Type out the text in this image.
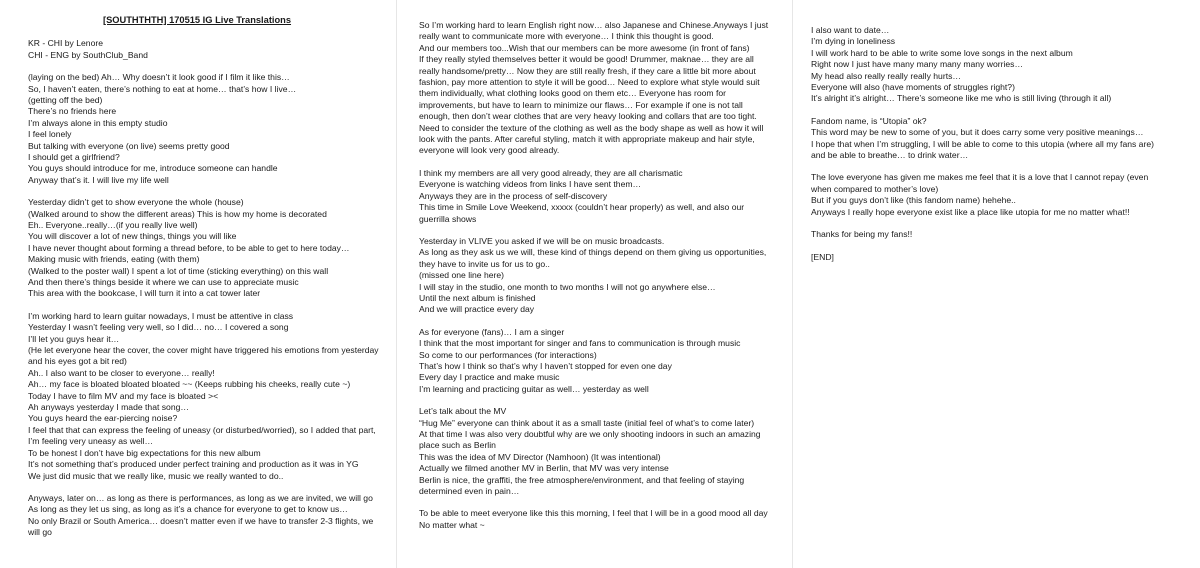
[SOUTHTHTH] 170515 IG Live Translations
KR - CHI by Lenore
CHI - ENG by SouthClub_Band
(laying on the bed) Ah… Why doesn’t it look good if I film it like this…
So, I haven’t eaten, there’s nothing to eat at home… that’s how I live…
(getting off the bed)
There’s no friends here
I’m always alone in this empty studio
I feel lonely
But talking with everyone (on live) seems pretty good
I should get a girlfriend?
You guys should introduce for me, introduce someone can handle
Anyway that’s it. I will live my life well
Yesterday didn’t get to show everyone the whole (house)
(Walked around to show the different areas) This is how my home is decorated
Eh.. Everyone..really…(if you really live well)
You will discover a lot of new things, things you will like
I have never thought about forming a thread before, to be able to get to here today…
Making music with friends, eating (with them)
(Walked to the poster wall) I spent a lot of time (sticking everything) on this wall
And then there’s things beside it where we can use to appreciate music
This area with the bookcase, I will turn it into a cat tower later
I’m working hard to learn guitar nowadays, I must be attentive in class
Yesterday I wasn’t feeling very well, so I did… no… I covered a song
I’ll let you guys hear it…
(He let everyone hear the cover, the cover might have triggered his emotions from yesterday
and his eyes got a bit red)
Ah.. I also want to be closer to everyone… really!
Ah… my face is bloated bloated bloated ~~ (Keeps rubbing his cheeks, really cute ~)
Today I have to film MV and my face is bloated ><
Ah anyways yesterday I made that song…
You guys heard the ear-piercing noise?
I feel that that can express the feeling of uneasy (or disturbed/worried), so I added that part,
I’m feeling very uneasy as well…
To be honest I don’t have big expectations for this new album
It’s not something that’s produced under perfect training and production as it was in YG
We just did music that we really like, music we really wanted to do..
Anyways, later on… as long as there is performances, as long as we are invited, we will go
As long as they let us sing, as long as it’s a chance for everyone to get to know us…
No only Brazil or South America… doesn’t matter even if we have to transfer 2-3 flights, we
will go
So I’m working hard to learn English right now… also Japanese and Chinese.Anyways I just
really want to communicate more with everyone… I think this thought is good.
And our members too...Wish that our members can be more awesome (in front of fans)
If they really styled themselves better it would be good! Drummer, maknae… they are all
really handsome/pretty… Now they are still really fresh, if they care a little bit more about
fashion, pay more attention to style it will be good… Need to explore what style would suit
them individually, what clothing looks good on them etc… Everyone has room for
improvements, but have to learn to minimize our flaws… For example if one is not tall
enough, then don’t wear clothes that are very heavy looking and collars that are too tight.
Need to consider the texture of the clothing as well as the body shape as well as how it will
look with the pants. After careful styling, match it with appropriate makeup and hair style,
everyone will look very good already.
I think my members are all very good already, they are all charismatic
Everyone is watching videos from links I have sent them…
Anyways they are in the process of self-discovery
This time in Smile Love Weekend, xxxxx (couldn’t hear properly) as well, and also our
guerrilla shows
Yesterday in VLIVE you asked if we will be on music broadcasts.
As long as they ask us we will, these kind of things depend on them giving us opportunities,
they have to invite us for us to go..
(missed one line here)
I will stay in the studio, one month to two months I will not go anywhere else…
Until the next album is finished
And we will practice every day
As for everyone (fans)… I am a singer
I think that the most important for singer and fans to communication is through music
So come to our performances (for interactions)
That’s how I think so that’s why I haven’t stopped for even one day
Every day I practice and make music
I’m learning and practicing guitar as well… yesterday as well
Let’s talk about the MV
“Hug Me” everyone can think about it as a small taste (initial feel of what’s to come later)
At that time I was also very doubtful why are we only shooting indoors in such an amazing
place such as Berlin
This was the idea of MV Director (Namhoon) (It was intentional)
Actually we filmed another MV in Berlin, that MV was very intense
Berlin is nice, the graffiti, the free atmosphere/environment, and that feeling of staying
determined even in pain…
To be able to meet everyone like this this morning, I feel that I will be in a good mood all day
No matter what ~
I also want to date…
I’m dying in loneliness
I will work hard to be able to write some love songs in the next album
Right now I just have many many many many worries…
My head also really really really hurts…
Everyone will also (have moments of struggles right?)
It’s alright it’s alright… There’s someone like me who is still living (through it all)
Fandom name, is “Utopia” ok?
This word may be new to some of you, but it does carry some very positive meanings…
I hope that when I’m struggling, I will be able to come to this utopia (where all my fans are)
and be able to breathe… to drink water…
The love everyone has given me makes me feel that it is a love that I cannot repay (even
when compared to mother’s love)
But if you guys don’t like (this fandom name) hehehe..
Anyways I really hope everyone exist like a place like utopia for me no matter what!!
Thanks for being my fans!!
[END]
